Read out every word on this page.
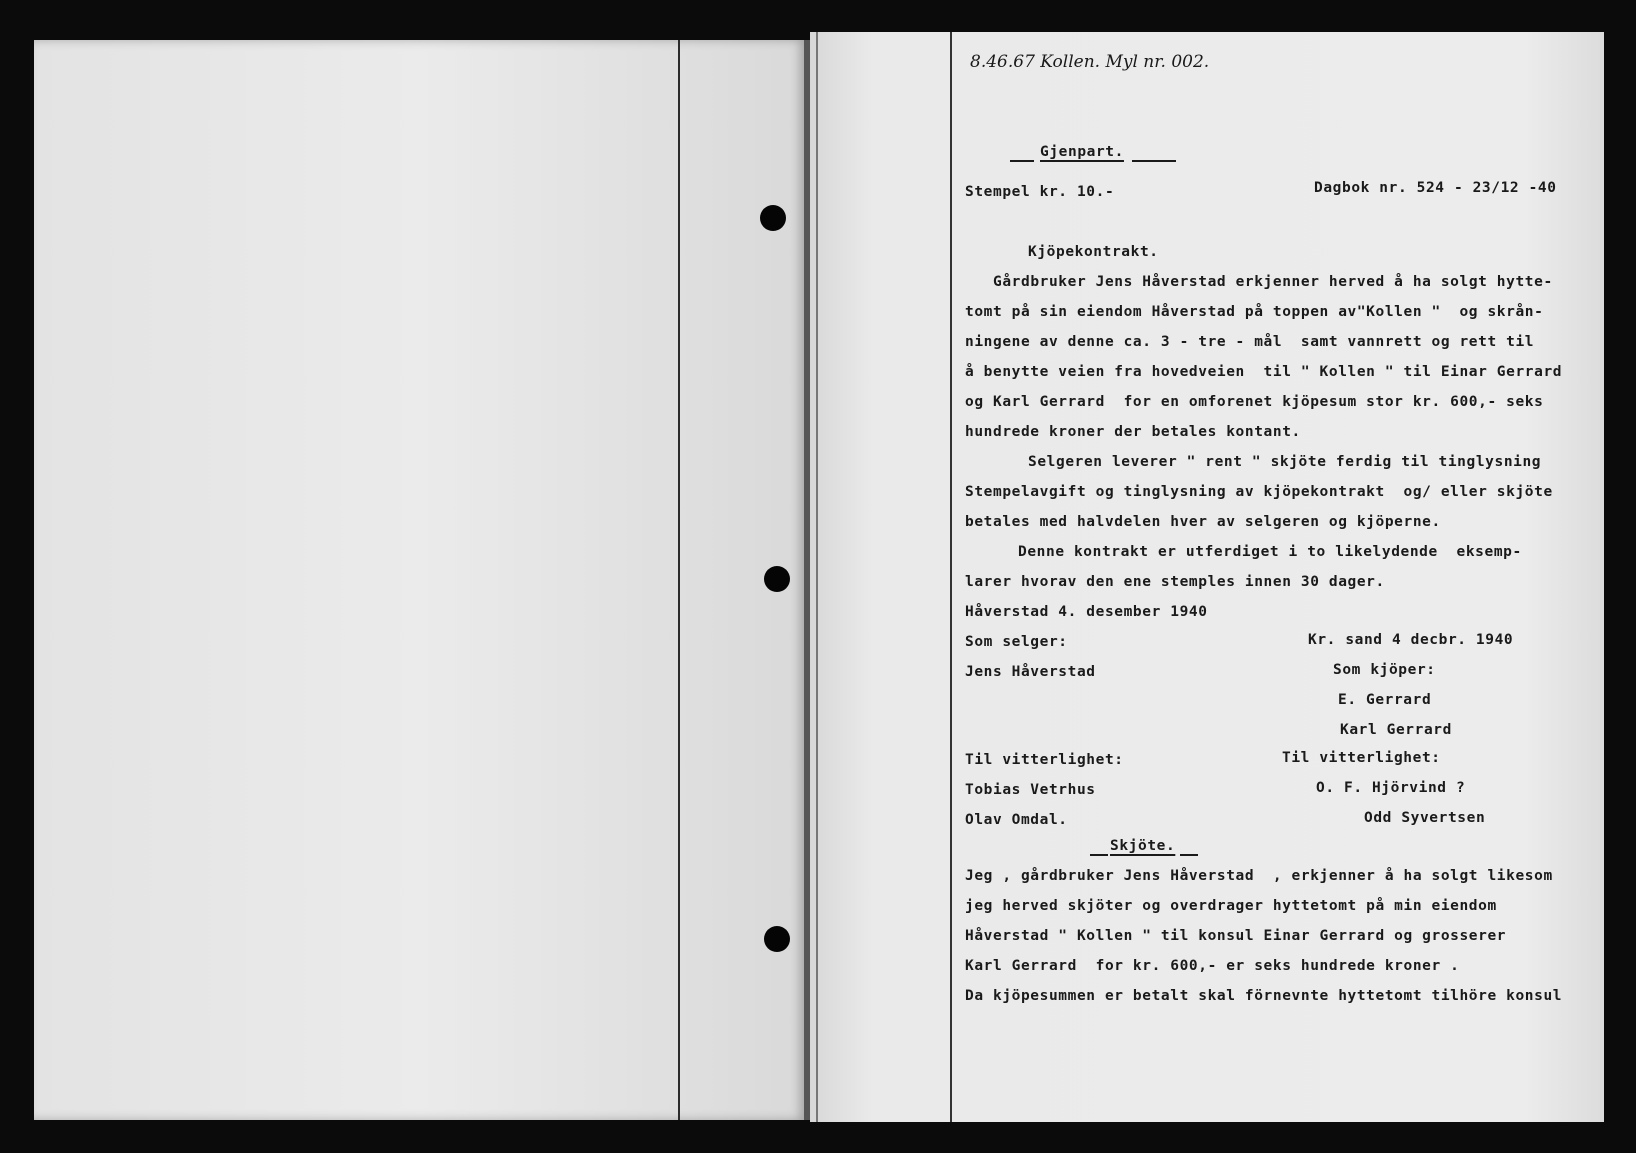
8.46.67 Kollen. Myl nr. 002.
Gjenpart.
Stempel kr. 10.-	Dagbok nr. 524 - 23/12 -40
Kjöpekontrakt.
Gårdbruker Jens Håverstad erkjenner herved å ha solgt hytte-
tomt på sin eiendom Håverstad på toppen av"Kollen "  og skrån-
ningene av denne ca. 3 - tre - mål  samt vannrett og rett til
å benytte veien fra hovedveien  til " Kollen " til Einar Gerrard
og Karl Gerrard  for en omforenet kjöpesum stor kr. 600,- seks
hundrede kroner der betales kontant.
Selgeren leverer " rent " skjöte ferdig til tinglysning
Stempelavgift og tinglysning av kjöpekontrakt  og/ eller skjöte
betales med halvdelen hver av selgeren og kjöperne.
Denne kontrakt er utferdiget i to likelydende  eksemp-
larer hvorav den ene stemples innen 30 dager.
Håverstad 4. desember 1940
Som selger:	Kr. sand 4 decbr. 1940
Jens Håverstad	Som kjöper:
E. Gerrard
Karl Gerrard
Til vitterlighet:	Til vitterlighet:
Tobias Vetrhus	O. F. Hjörvind ?
Olav Omdal.	Odd Syvertsen
Skjöte.
Jeg , gårdbruker Jens Håverstad  , erkjenner å ha solgt likesom
jeg herved skjöter og overdrager hyttetomt på min eiendom
Håverstad " Kollen " til konsul Einar Gerrard og grosserer
Karl Gerrard  for kr. 600,- er seks hundrede kroner .
Da kjöpesummen er betalt skal förnevnte hyttetomt tilhöre konsul
